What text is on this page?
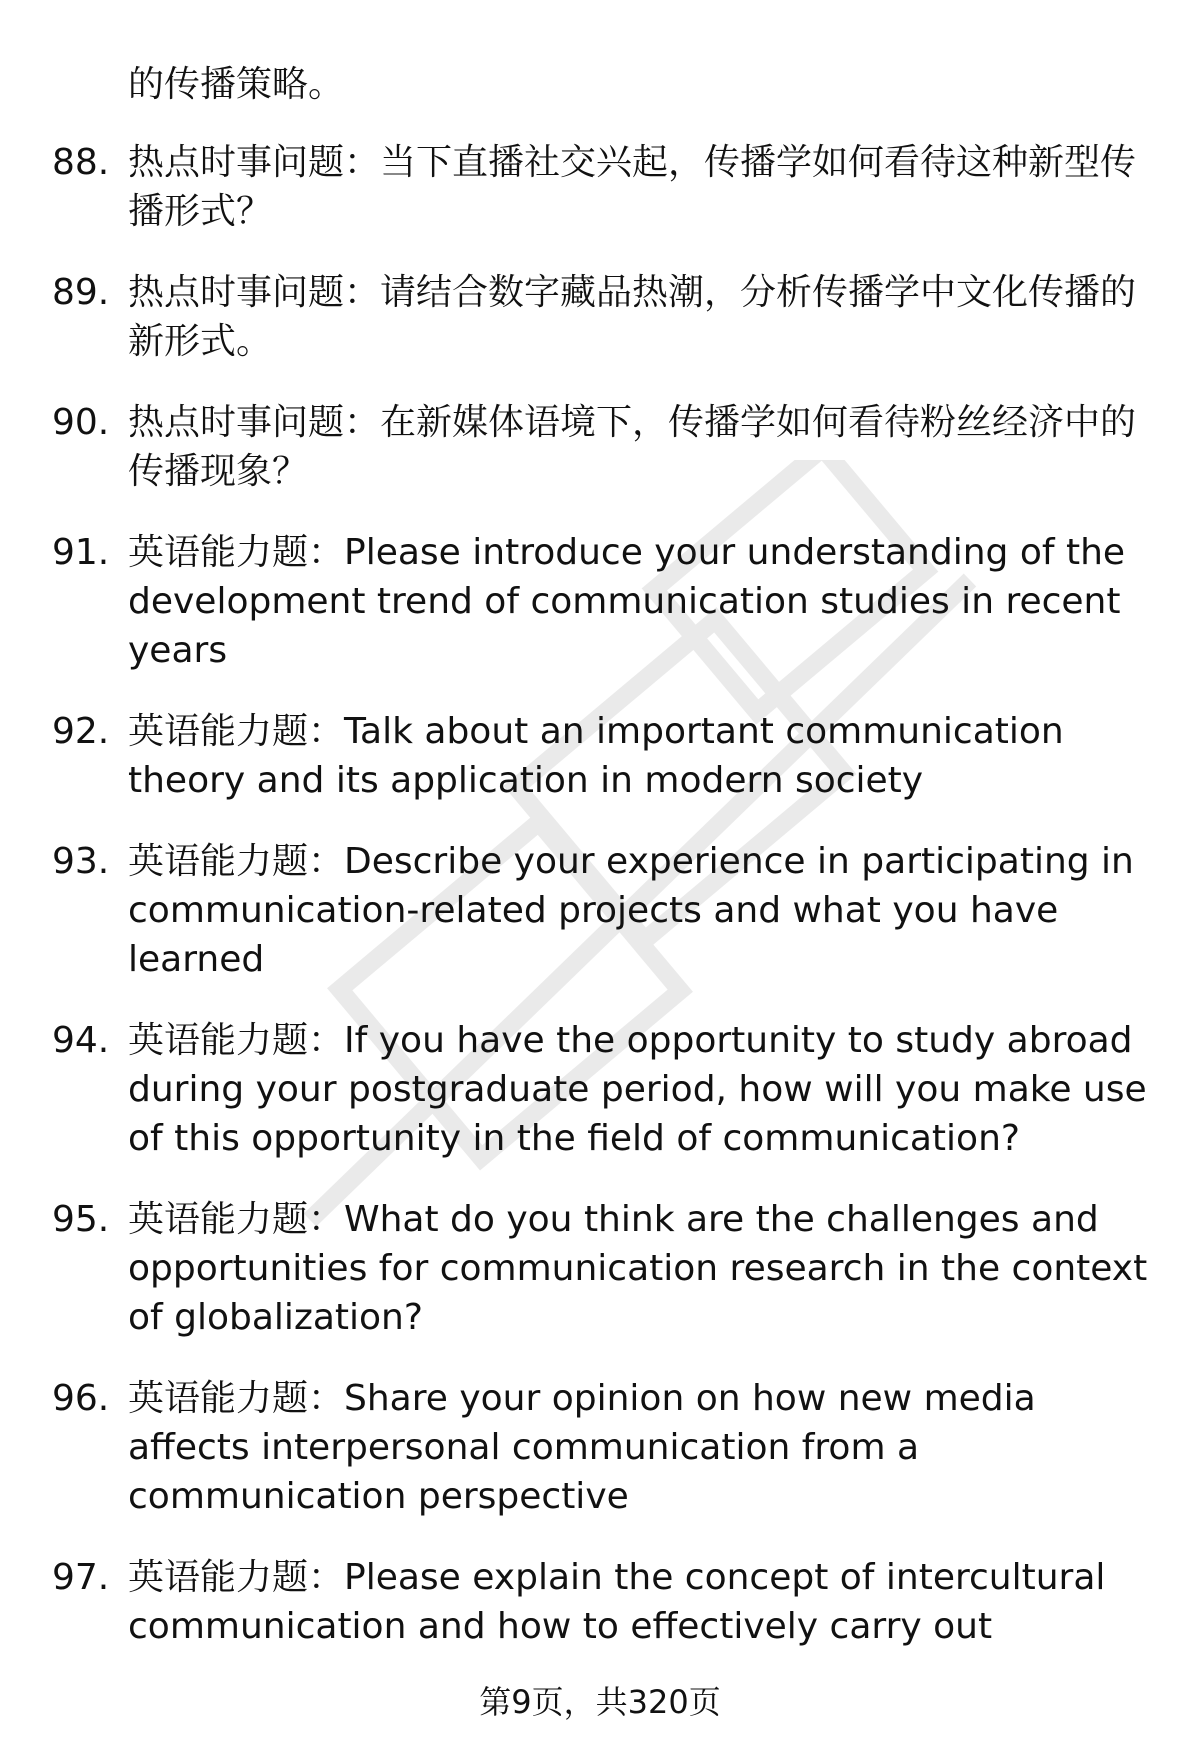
的传播策略。
88. 热点时事问题：当下直播社交兴起，传播学如何看待这种新型传播形式？
89. 热点时事问题：请结合数字藏品热潮，分析传播学中文化传播的新形式。
90. 热点时事问题：在新媒体语境下，传播学如何看待粉丝经济中的传播现象？
91. 英语能力题：Please introduce your understanding of the development trend of communication studies in recent years
92. 英语能力题：Talk about an important communication theory and its application in modern society
93. 英语能力题：Describe your experience in participating in communication-related projects and what you have learned
94. 英语能力题：If you have the opportunity to study abroad during your postgraduate period, how will you make use of this opportunity in the field of communication?
95. 英语能力题：What do you think are the challenges and opportunities for communication research in the context of globalization?
96. 英语能力题：Share your opinion on how new media affects interpersonal communication from a communication perspective
97. 英语能力题：Please explain the concept of intercultural communication and how to effectively carry out
第9页，共320页
